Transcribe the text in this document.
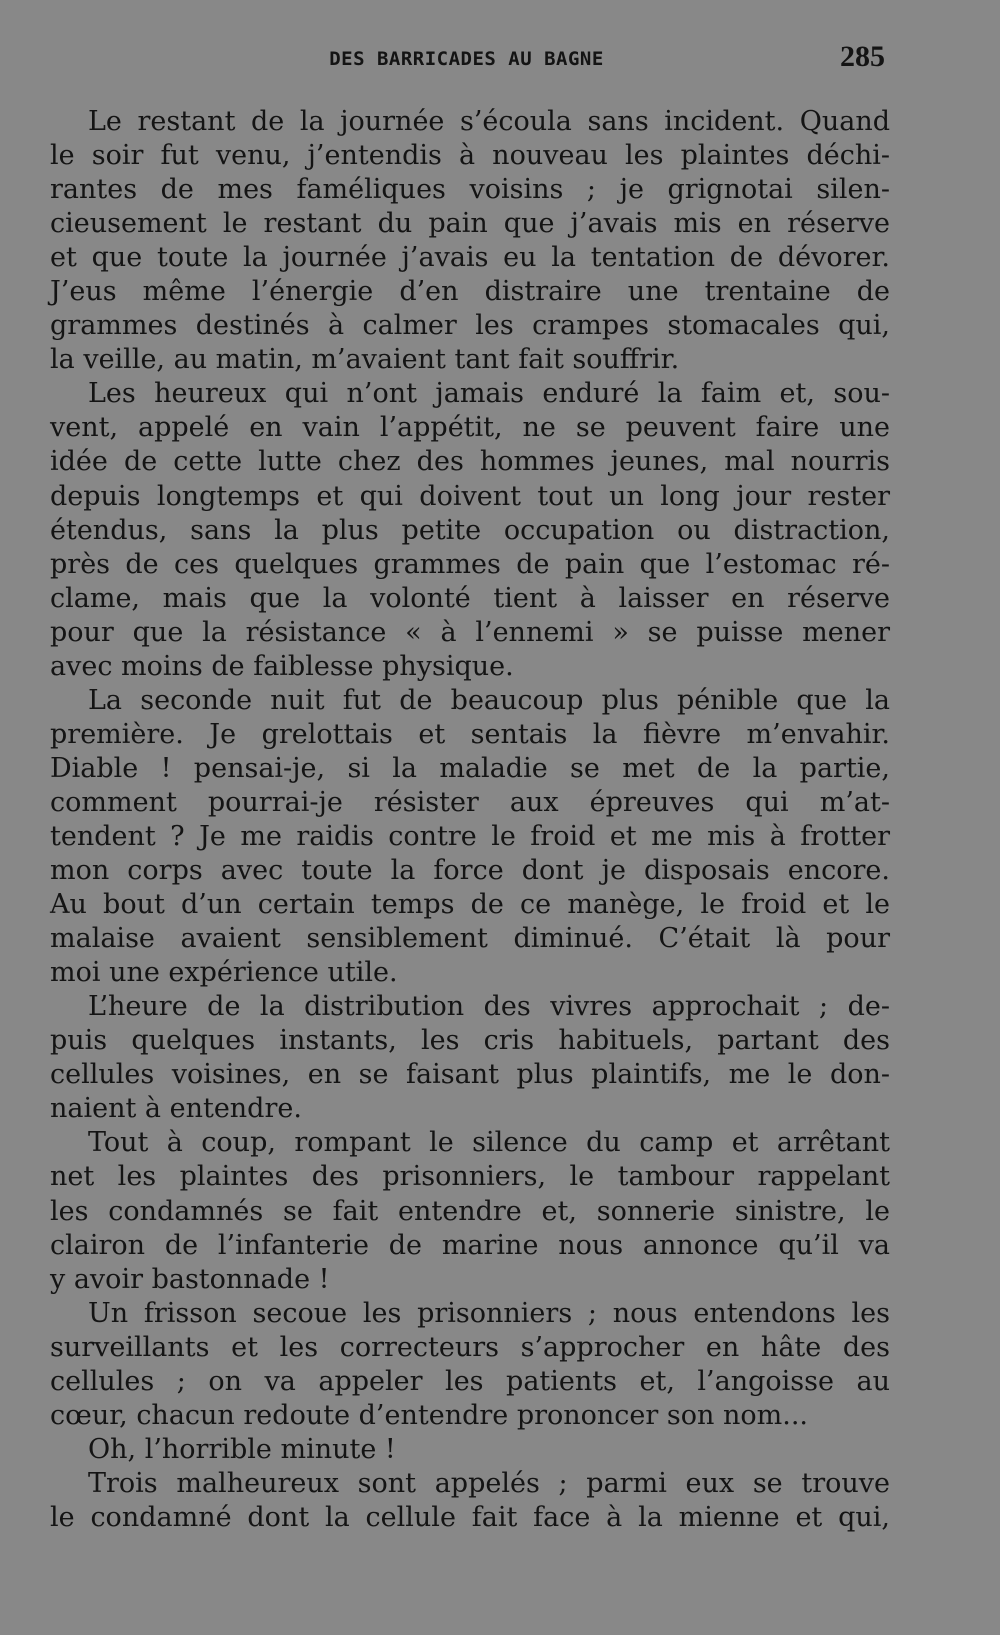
DES BARRICADES AU BAGNE	285
Le restant de la journée s’écoula sans incident. Quand
le soir fut venu, j’entendis à nouveau les plaintes déchi-
rantes de mes faméliques voisins ; je grignotai silen-
cieusement le restant du pain que j’avais mis en réserve
et que toute la journée j’avais eu la tentation de dévorer.
J’eus même l’énergie d’en distraire une trentaine de
grammes destinés à calmer les crampes stomacales qui,
la veille, au matin, m’avaient tant fait souffrir.
Les heureux qui n’ont jamais enduré la faim et, sou-
vent, appelé en vain l’appétit, ne se peuvent faire une
idée de cette lutte chez des hommes jeunes, mal nourris
depuis longtemps et qui doivent tout un long jour rester
étendus, sans la plus petite occupation ou distraction,
près de ces quelques grammes de pain que l’estomac ré-
clame, mais que la volonté tient à laisser en réserve
pour que la résistance « à l’ennemi » se puisse mener
avec moins de faiblesse physique.
La seconde nuit fut de beaucoup plus pénible que la
première. Je grelottais et sentais la fièvre m’envahir.
Diable ! pensai-je, si la maladie se met de la partie,
comment pourrai-je résister aux épreuves qui m’at-
tendent ? Je me raidis contre le froid et me mis à frotter
mon corps avec toute la force dont je disposais encore.
Au bout d’un certain temps de ce manège, le froid et le
malaise avaient sensiblement diminué. C’était là pour
moi une expérience utile.
L’heure de la distribution des vivres approchait ; de-
puis quelques instants, les cris habituels, partant des
cellules voisines, en se faisant plus plaintifs, me le don-
naient à entendre.
Tout à coup, rompant le silence du camp et arrêtant
net les plaintes des prisonniers, le tambour rappelant
les condamnés se fait entendre et, sonnerie sinistre, le
clairon de l’infanterie de marine nous annonce qu’il va
y avoir bastonnade !
Un frisson secoue les prisonniers ; nous entendons les
surveillants et les correcteurs s’approcher en hâte des
cellules ; on va appeler les patients et, l’angoisse au
cœur, chacun redoute d’entendre prononcer son nom...
Oh, l’horrible minute !
Trois malheureux sont appelés ; parmi eux se trouve
le condamné dont la cellule fait face à la mienne et qui,
